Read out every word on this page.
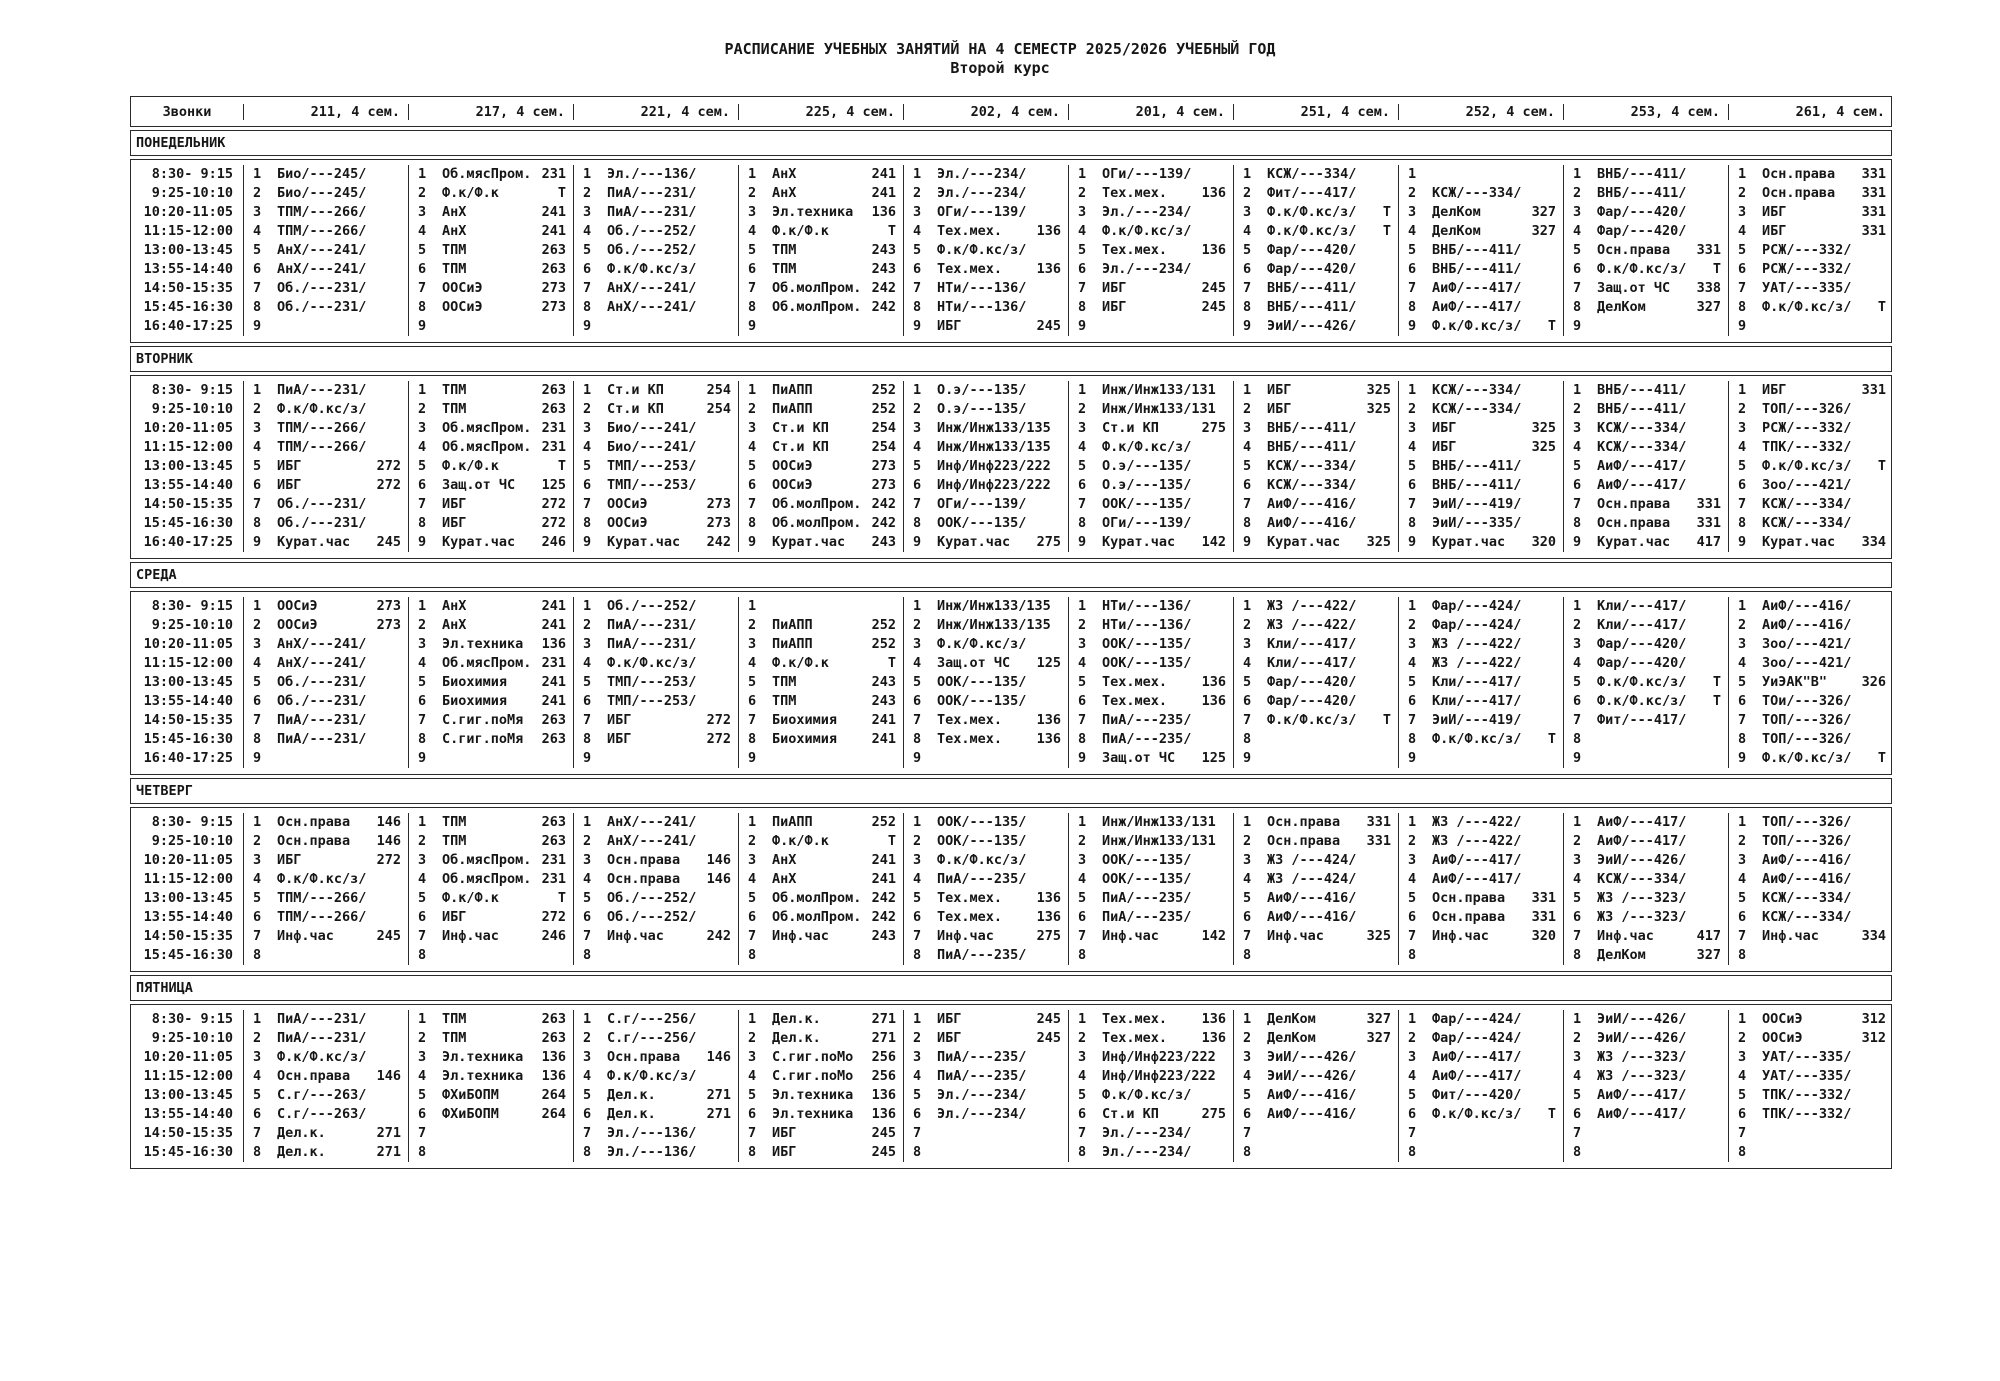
РАСПИСАНИЕ УЧЕБНЫХ ЗАНЯТИЙ НА 4 СЕМЕСТР 2025/2026 УЧЕБНЫЙ ГОД
Второй курс
Звонки	211, 4 сем.	217, 4 сем.	221, 4 сем.	225, 4 сем.	202, 4 сем.	201, 4 сем.	251, 4 сем.	252, 4 сем.	253, 4 сем.	261, 4 сем.
ПОНЕДЕЛЬНИК
8:30- 9:15	1	Био/---245/	1	Об.мясПром. 231	1	Эл./---136/	1	АнХ	241	1	Эл./---234/	1	ОГи/---139/	1	КСЖ/---334/	1	1	ВНБ/---411/	1	Осн.права	331
9:25-10:10	2	Био/---245/	2	Ф.к/Ф.к	Т	2	ПиА/---231/	2	АнХ	241	2	Эл./---234/	2	Тех.мех.	136	2	Фит/---417/	2	КСЖ/---334/	2	ВНБ/---411/	2	Осн.права	331
10:20-11:05	3	ТПМ/---266/	3	АнХ	241	3	ПиА/---231/	3	Эл.техника	136	3	ОГи/---139/	3	Эл./---234/	3	Ф.к/Ф.кс/з/	Т	3	ДелКом	327	3	Фар/---420/	3	ИБГ	331
11:15-12:00	4	ТПМ/---266/	4	АнХ	241	4	Об./---252/	4	Ф.к/Ф.к	Т	4	Тех.мех.	136	4	Ф.к/Ф.кс/з/	4	Ф.к/Ф.кс/з/	Т	4	ДелКом	327	4	Фар/---420/	4	ИБГ	331
13:00-13:45	5	АнХ/---241/	5	ТПМ	263	5	Об./---252/	5	ТПМ	243	5	Ф.к/Ф.кс/з/	5	Тех.мех.	136	5	Фар/---420/	5	ВНБ/---411/	5	Осн.права	331	5	РСЖ/---332/
13:55-14:40	6	АнХ/---241/	6	ТПМ	263	6	Ф.к/Ф.кс/з/	6	ТПМ	243	6	Тех.мех.	136	6	Эл./---234/	6	Фар/---420/	6	ВНБ/---411/	6	Ф.к/Ф.кс/з/	Т	6	РСЖ/---332/
14:50-15:35	7	Об./---231/	7	ООСиЭ	273	7	АнХ/---241/	7	Об.молПром. 242	7	НТи/---136/	7	ИБГ	245	7	ВНБ/---411/	7	АиФ/---417/	7	Защ.от ЧС	338	7	УАТ/---335/
15:45-16:30	8	Об./---231/	8	ООСиЭ	273	8	АнХ/---241/	8	Об.молПром. 242	8	НТи/---136/	8	ИБГ	245	8	ВНБ/---411/	8	АиФ/---417/	8	ДелКом	327	8	Ф.к/Ф.кс/з/	Т
16:40-17:25	9	9	9	9	9	ИБГ	245	9	9	ЭиИ/---426/	9	Ф.к/Ф.кс/з/	Т	9	9
ВТОРНИК
8:30- 9:15	1	ПиА/---231/	1	ТПМ	263	1	Ст.и КП	254	1	ПиАПП	252	1	О.э/---135/	1	Инж/Инж133/131	1	ИБГ	325	1	КСЖ/---334/	1	ВНБ/---411/	1	ИБГ	331
9:25-10:10	2	Ф.к/Ф.кс/з/	2	ТПМ	263	2	Ст.и КП	254	2	ПиАПП	252	2	О.э/---135/	2	Инж/Инж133/131	2	ИБГ	325	2	КСЖ/---334/	2	ВНБ/---411/	2	ТОП/---326/
10:20-11:05	3	ТПМ/---266/	3	Об.мясПром. 231	3	Био/---241/	3	Ст.и КП	254	3	Инж/Инж133/135	3	Ст.и КП	275	3	ВНБ/---411/	3	ИБГ	325	3	КСЖ/---334/	3	РСЖ/---332/
11:15-12:00	4	ТПМ/---266/	4	Об.мясПром. 231	4	Био/---241/	4	Ст.и КП	254	4	Инж/Инж133/135	4	Ф.к/Ф.кс/з/	4	ВНБ/---411/	4	ИБГ	325	4	КСЖ/---334/	4	ТПК/---332/
13:00-13:45	5	ИБГ	272	5	Ф.к/Ф.к	Т	5	ТМП/---253/	5	ООСиЭ	273	5	Инф/Инф223/222	5	О.э/---135/	5	КСЖ/---334/	5	ВНБ/---411/	5	АиФ/---417/	5	Ф.к/Ф.кс/з/	Т
13:55-14:40	6	ИБГ	272	6	Защ.от ЧС	125	6	ТМП/---253/	6	ООСиЭ	273	6	Инф/Инф223/222	6	О.э/---135/	6	КСЖ/---334/	6	ВНБ/---411/	6	АиФ/---417/	6	Зоо/---421/
14:50-15:35	7	Об./---231/	7	ИБГ	272	7	ООСиЭ	273	7	Об.молПром. 242	7	ОГи/---139/	7	ООК/---135/	7	АиФ/---416/	7	ЭиИ/---419/	7	Осн.права	331	7	КСЖ/---334/
15:45-16:30	8	Об./---231/	8	ИБГ	272	8	ООСиЭ	273	8	Об.молПром. 242	8	ООК/---135/	8	ОГи/---139/	8	АиФ/---416/	8	ЭиИ/---335/	8	Осн.права	331	8	КСЖ/---334/
16:40-17:25	9	Курат.час	245	9	Курат.час	246	9	Курат.час	242	9	Курат.час	243	9	Курат.час	275	9	Курат.час	142	9	Курат.час	325	9	Курат.час	320	9	Курат.час	417	9	Курат.час	334
СРЕДА
8:30- 9:15	1	ООСиЭ	273	1	АнХ	241	1	Об./---252/	1	1	Инж/Инж133/135	1	НТи/---136/	1	ЖЗ /---422/	1	Фар/---424/	1	Кли/---417/	1	АиФ/---416/
9:25-10:10	2	ООСиЭ	273	2	АнХ	241	2	ПиА/---231/	2	ПиАПП	252	2	Инж/Инж133/135	2	НТи/---136/	2	ЖЗ /---422/	2	Фар/---424/	2	Кли/---417/	2	АиФ/---416/
10:20-11:05	3	АнХ/---241/	3	Эл.техника	136	3	ПиА/---231/	3	ПиАПП	252	3	Ф.к/Ф.кс/з/	3	ООК/---135/	3	Кли/---417/	3	ЖЗ /---422/	3	Фар/---420/	3	Зоо/---421/
11:15-12:00	4	АнХ/---241/	4	Об.мясПром. 231	4	Ф.к/Ф.кс/з/	4	Ф.к/Ф.к	Т	4	Защ.от ЧС	125	4	ООК/---135/	4	Кли/---417/	4	ЖЗ /---422/	4	Фар/---420/	4	Зоо/---421/
13:00-13:45	5	Об./---231/	5	Биохимия	241	5	ТМП/---253/	5	ТПМ	243	5	ООК/---135/	5	Тех.мех.	136	5	Фар/---420/	5	Кли/---417/	5	Ф.к/Ф.кс/з/	Т	5	УиЭАК"В"	326
13:55-14:40	6	Об./---231/	6	Биохимия	241	6	ТМП/---253/	6	ТПМ	243	6	ООК/---135/	6	Тех.мех.	136	6	Фар/---420/	6	Кли/---417/	6	Ф.к/Ф.кс/з/	Т	6	ТОи/---326/
14:50-15:35	7	ПиА/---231/	7	С.гиг.поМя	263	7	ИБГ	272	7	Биохимия	241	7	Тех.мех.	136	7	ПиА/---235/	7	Ф.к/Ф.кс/з/	Т	7	ЭиИ/---419/	7	Фит/---417/	7	ТОП/---326/
15:45-16:30	8	ПиА/---231/	8	С.гиг.поМя	263	8	ИБГ	272	8	Биохимия	241	8	Тех.мех.	136	8	ПиА/---235/	8	8	Ф.к/Ф.кс/з/	Т	8	8	ТОП/---326/
16:40-17:25	9	9	9	9	9	9	Защ.от ЧС	125	9	9	9	9	Ф.к/Ф.кс/з/	Т
ЧЕТВЕРГ
8:30- 9:15	1	Осн.права	146	1	ТПМ	263	1	АнХ/---241/	1	ПиАПП	252	1	ООК/---135/	1	Инж/Инж133/131	1	Осн.права	331	1	ЖЗ /---422/	1	АиФ/---417/	1	ТОП/---326/
9:25-10:10	2	Осн.права	146	2	ТПМ	263	2	АнХ/---241/	2	Ф.к/Ф.к	Т	2	ООК/---135/	2	Инж/Инж133/131	2	Осн.права	331	2	ЖЗ /---422/	2	АиФ/---417/	2	ТОП/---326/
10:20-11:05	3	ИБГ	272	3	Об.мясПром. 231	3	Осн.права	146	3	АнХ	241	3	Ф.к/Ф.кс/з/	3	ООК/---135/	3	ЖЗ /---424/	3	АиФ/---417/	3	ЭиИ/---426/	3	АиФ/---416/
11:15-12:00	4	Ф.к/Ф.кс/з/	4	Об.мясПром. 231	4	Осн.права	146	4	АнХ	241	4	ПиА/---235/	4	ООК/---135/	4	ЖЗ /---424/	4	АиФ/---417/	4	КСЖ/---334/	4	АиФ/---416/
13:00-13:45	5	ТПМ/---266/	5	Ф.к/Ф.к	Т	5	Об./---252/	5	Об.молПром. 242	5	Тех.мех.	136	5	ПиА/---235/	5	АиФ/---416/	5	Осн.права	331	5	ЖЗ /---323/	5	КСЖ/---334/
13:55-14:40	6	ТПМ/---266/	6	ИБГ	272	6	Об./---252/	6	Об.молПром. 242	6	Тех.мех.	136	6	ПиА/---235/	6	АиФ/---416/	6	Осн.права	331	6	ЖЗ /---323/	6	КСЖ/---334/
14:50-15:35	7	Инф.час	245	7	Инф.час	246	7	Инф.час	242	7	Инф.час	243	7	Инф.час	275	7	Инф.час	142	7	Инф.час	325	7	Инф.час	320	7	Инф.час	417	7	Инф.час	334
15:45-16:30	8	8	8	8	8	ПиА/---235/	8	8	8	8	ДелКом	327	8
ПЯТНИЦА
8:30- 9:15	1	ПиА/---231/	1	ТПМ	263	1	С.г/---256/	1	Дел.к.	271	1	ИБГ	245	1	Тех.мех.	136	1	ДелКом	327	1	Фар/---424/	1	ЭиИ/---426/	1	ООСиЭ	312
9:25-10:10	2	ПиА/---231/	2	ТПМ	263	2	С.г/---256/	2	Дел.к.	271	2	ИБГ	245	2	Тех.мех.	136	2	ДелКом	327	2	Фар/---424/	2	ЭиИ/---426/	2	ООСиЭ	312
10:20-11:05	3	Ф.к/Ф.кс/з/	3	Эл.техника	136	3	Осн.права	146	3	С.гиг.поМо	256	3	ПиА/---235/	3	Инф/Инф223/222	3	ЭиИ/---426/	3	АиФ/---417/	3	ЖЗ /---323/	3	УАТ/---335/
11:15-12:00	4	Осн.права	146	4	Эл.техника	136	4	Ф.к/Ф.кс/з/	4	С.гиг.поМо	256	4	ПиА/---235/	4	Инф/Инф223/222	4	ЭиИ/---426/	4	АиФ/---417/	4	ЖЗ /---323/	4	УАТ/---335/
13:00-13:45	5	С.г/---263/	5	ФХиБОПМ	264	5	Дел.к.	271	5	Эл.техника	136	5	Эл./---234/	5	Ф.к/Ф.кс/з/	5	АиФ/---416/	5	Фит/---420/	5	АиФ/---417/	5	ТПК/---332/
13:55-14:40	6	С.г/---263/	6	ФХиБОПМ	264	6	Дел.к.	271	6	Эл.техника	136	6	Эл./---234/	6	Ст.и КП	275	6	АиФ/---416/	6	Ф.к/Ф.кс/з/	Т	6	АиФ/---417/	6	ТПК/---332/
14:50-15:35	7	Дел.к.	271	7	7	Эл./---136/	7	ИБГ	245	7	7	Эл./---234/	7	7	7	7
15:45-16:30	8	Дел.к.	271	8	8	Эл./---136/	8	ИБГ	245	8	8	Эл./---234/	8	8	8	8
